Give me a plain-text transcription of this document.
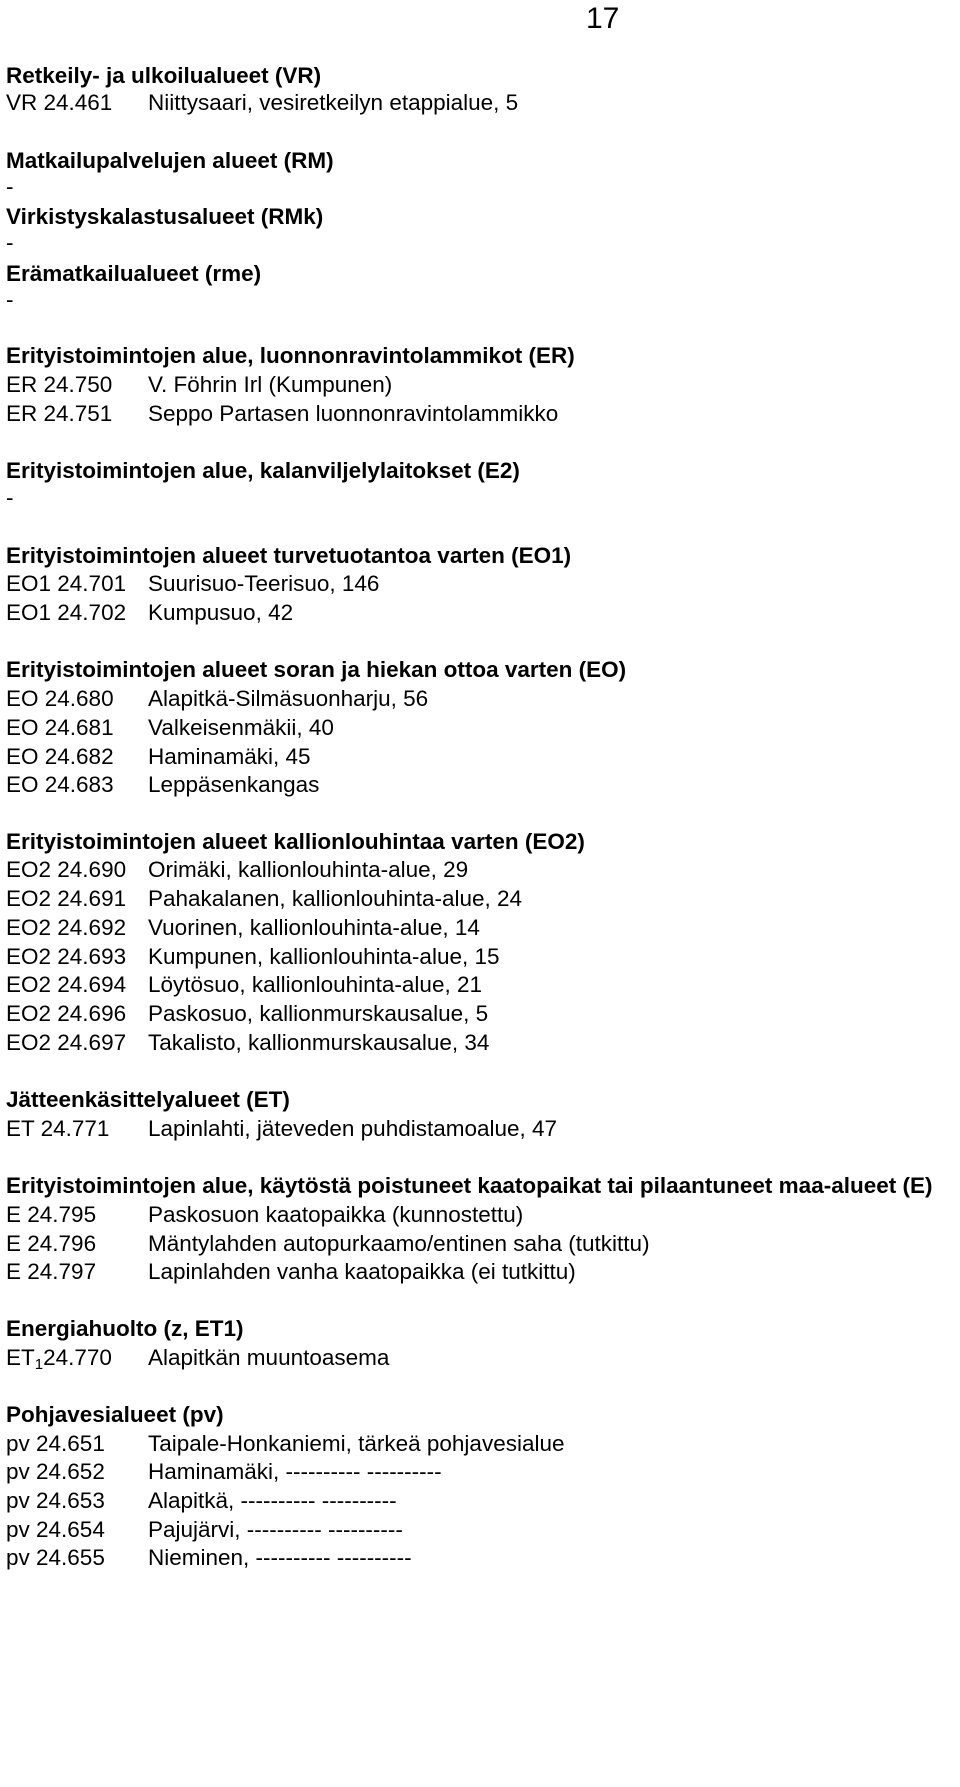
17
Retkeily- ja ulkoilualueet (VR)
VR 24.461 Niittysaari, vesiretkeilyn etappialue, 5
Matkailupalvelujen alueet (RM)
-
Virkistyskalastusalueet (RMk)
-
Erämatkailualueet (rme)
-
Erityistoimintojen alue, luonnonravintolammikot (ER)
ER 24.750 V. Föhrin Irl (Kumpunen)
ER 24.751 Seppo Partasen luonnonravintolammikko
Erityistoimintojen alue, kalanviljelylaitokset (E2)
-
Erityistoimintojen alueet turvetuotantoa varten (EO1)
EO1 24.701 Suurisuo-Teerisuo, 146
EO1 24.702 Kumpusuo, 42
Erityistoimintojen alueet soran ja hiekan ottoa varten (EO)
EO 24.680 Alapitkä-Silmäsuonharju, 56
EO 24.681 Valkeisenmäkii, 40
EO 24.682 Haminamäki, 45
EO 24.683 Leppäsenkangas
Erityistoimintojen alueet kallionlouhintaa varten (EO2)
EO2 24.690 Orimäki, kallionlouhinta-alue, 29
EO2 24.691 Pahakalanen, kallionlouhinta-alue, 24
EO2 24.692 Vuorinen, kallionlouhinta-alue, 14
EO2 24.693 Kumpunen, kallionlouhinta-alue, 15
EO2 24.694 Löytösuo, kallionlouhinta-alue, 21
EO2 24.696 Paskosuo, kallionmurskausalue, 5
EO2 24.697 Takalisto, kallionmurskausalue, 34
Jätteenkäsittelyalueet (ET)
ET 24.771 Lapinlahti, jäteveden puhdistamoalue, 47
Erityistoimintojen alue, käytöstä poistuneet kaatopaikat tai pilaantuneet maa-alueet (E)
E 24.795 Paskosuon kaatopaikka (kunnostettu)
E 24.796 Mäntylahden autopurkaamo/entinen saha (tutkittu)
E 24.797 Lapinlahden vanha kaatopaikka (ei tutkittu)
Energiahuolto (z, ET1)
$ET_124.770$ Alapitkän muuntoasema
Pohjavesialueet (pv)
pv 24.651 Taipale-Honkaniemi, tärkeä pohjavesialue
pv 24.652 Haminamäki, ---------- ----------
pv 24.653 Alapitkä, ---------- ----------
pv 24.654 Pajujärvi, ---------- ----------
pv 24.655 Nieminen, ---------- ----------
